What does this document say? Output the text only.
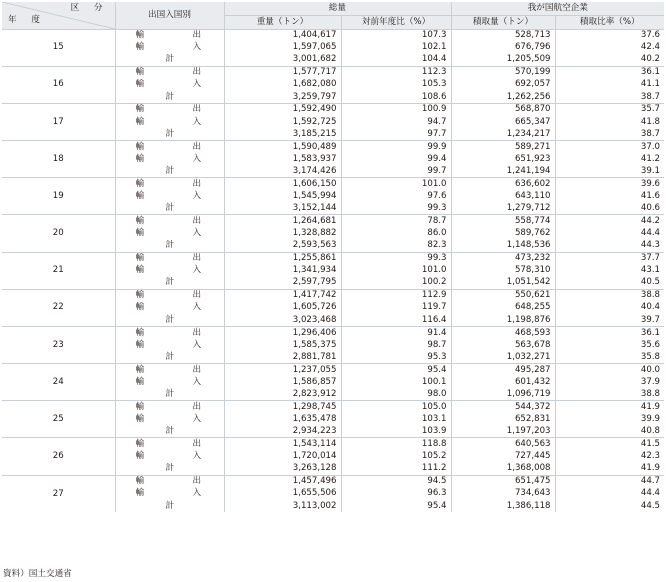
区 分
年 度	出国入国別	総量		我が国航空企業	
		重量（トン）	対前年度比（%）	積取量（トン）	積取比率（%）
15	輸 出	1,404,617	107.3	528,713	37.6
	輸 入	1,597,065	102.1	676,796	42.4
	計	3,001,682	104.4	1,205,509	40.2
16	輸 出	1,577,717	112.3	570,199	36.1
	輸 入	1,682,080	105.3	692,057	41.1
	計	3,259,797	108.6	1,262,256	38.7
17	輸 出	1,592,490	100.9	568,870	35.7
	輸 入	1,592,725	94.7	665,347	41.8
	計	3,185,215	97.7	1,234,217	38.7
18	輸 出	1,590,489	99.9	589,271	37.0
	輸 入	1,583,937	99.4	651,923	41.2
	計	3,174,426	99.7	1,241,194	39.1
19	輸 出	1,606,150	101.0	636,602	39.6
	輸 入	1,545,994	97.6	643,110	41.6
	計	3,152,144	99.3	1,279,712	40.6
20	輸 出	1,264,681	78.7	558,774	44.2
	輸 入	1,328,882	86.0	589,762	44.4
	計	2,593,563	82.3	1,148,536	44.3
21	輸 出	1,255,861	99.3	473,232	37.7
	輸 入	1,341,934	101.0	578,310	43.1
	計	2,597,795	100.2	1,051,542	40.5
22	輸 出	1,417,742	112.9	550,621	38.8
	輸 入	1,605,726	119.7	648,255	40.4
	計	3,023,468	116.4	1,198,876	39.7
23	輸 出	1,296,406	91.4	468,593	36.1
	輸 入	1,585,375	98.7	563,678	35.6
	計	2,881,781	95.3	1,032,271	35.8
24	輸 出	1,237,055	95.4	495,287	40.0
	輸 入	1,586,857	100.1	601,432	37.9
	計	2,823,912	98.0	1,096,719	38.8
25	輸 出	1,298,745	105.0	544,372	41.9
	輸 入	1,635,478	103.1	652,831	39.9
	計	2,934,223	103.9	1,197,203	40.8
26	輸 出	1,543,114	118.8	640,563	41.5
	輸 入	1,720,014	105.2	727,445	42.3
	計	3,263,128	111.2	1,368,008	41.9
27	輸 出	1,457,496	94.5	651,475	44.7
	輸 入	1,655,506	96.3	734,643	44.4
	計	3,113,002	95.4	1,386,118	44.5
資料）国土交通省
